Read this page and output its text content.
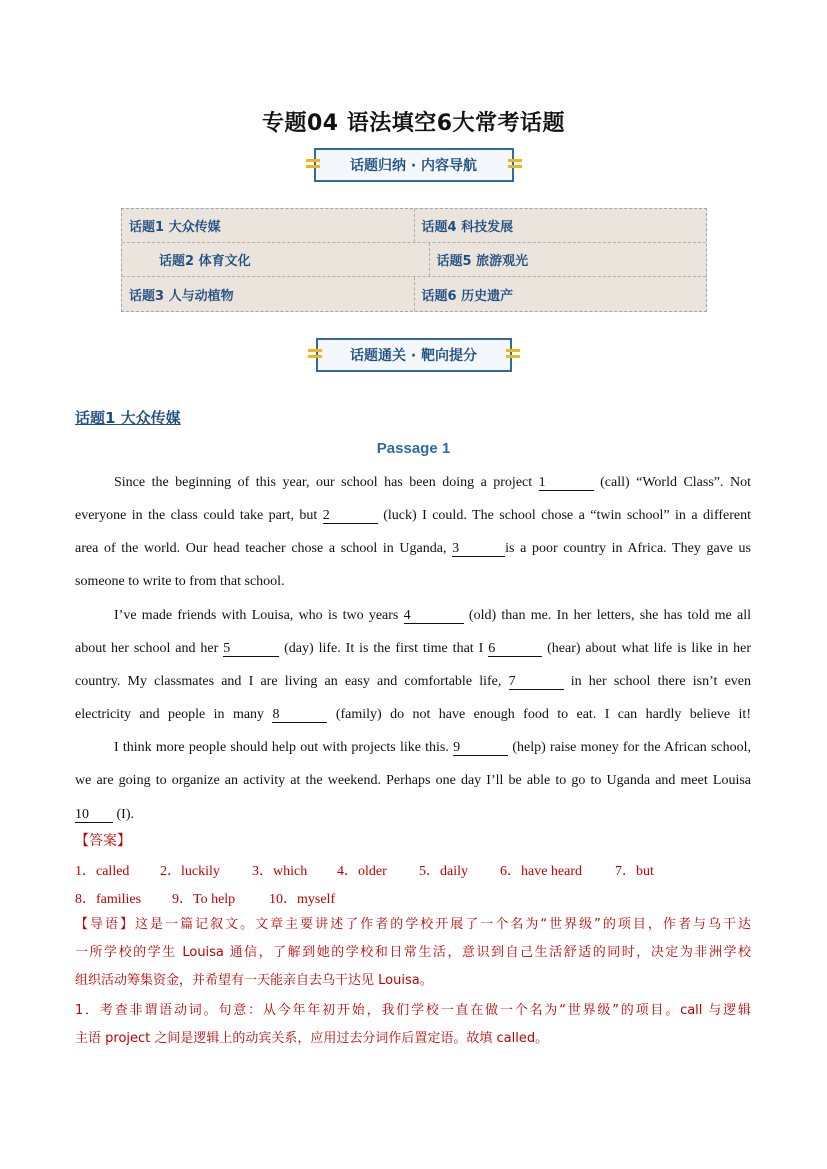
专题04 语法填空6大常考话题
话题归纳 · 内容导航
话题1 大众传媒	话题4 科技发展
话题2 体育文化	话题5 旅游观光
话题3 人与动植物	话题6 历史遗产
话题通关 · 靶向提分
话题1 大众传媒
Passage 1
Since the beginning of this year, our school has been doing a project 1	(call) “World Class”. Not
everyone in the class could take part, but 2	(luck) I could. The school chose a “twin school” in a different
area of the world. Our head teacher chose a school in Uganda, 3	is a poor country in Africa. They gave us
someone to write to from that school.
I’ve made friends with Louisa, who is two years 4	(old) than me. In her letters, she has told me all
about her school and her 5	(day) life. It is the first time that I 6	(hear) about what life is like in her
country. My classmates and I are living an easy and comfortable life, 7	in her school there isn’t even
electricity and people in many 8	(family) do not have enough food to eat. I can hardly believe it!
I think more people should help out with projects like this. 9	(help) raise money for the African school,
we are going to organize an activity at the weekend. Perhaps one day I’ll be able to go to Uganda and meet Louisa
10 (I).
【答案】
1．called 2．luckily 3．which 4．older 5．daily 6．have heard 7．but
8．families 9．To help 10．myself
【导语】这是一篇记叙文。文章主要讲述了作者的学校开展了一个名为“世界级”的项目，作者与乌干达
一所学校的学生 Louisa 通信，了解到她的学校和日常生活，意识到自己生活舒适的同时，决定为非洲学校
组织活动筹集资金，并希望有一天能亲自去乌干达见 Louisa。
1．考查非谓语动词。句意：从今年年初开始，我们学校一直在做一个名为“世界级”的项目。call 与逻辑
主语 project 之间是逻辑上的动宾关系，应用过去分词作后置定语。故填 called。
